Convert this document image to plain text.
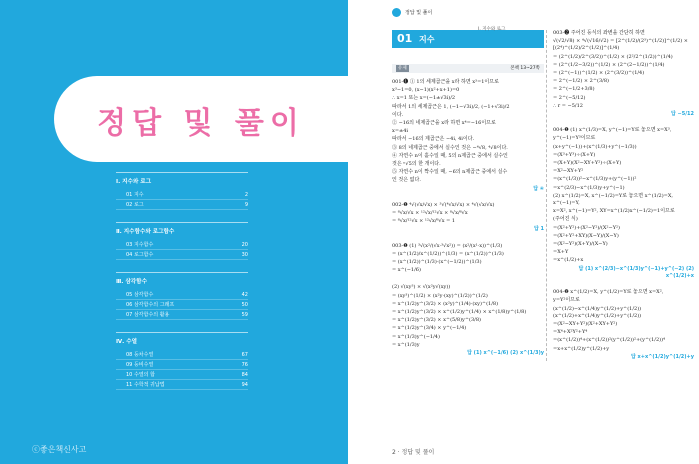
정답 및 풀이
Ⅰ. 지수와 로그
01 지수	2
02 로그	9
Ⅱ. 지수함수와 로그함수
03 지수함수	20
04 로그함수	30
Ⅲ. 삼각함수
05 삼각함수	42
06 삼각함수의 그래프	50
07 삼각함수의 활용	59
Ⅳ. 수열
08 등차수열	67
09 등비수열	76
10 수열의 합	84
11 수학적 귀납법	94
ⓒ좋은책신사고
정답 및 풀이
01 지수
Ⅰ. 지수와 로그
유제	본책 13~27쪽
001-❶ ① 1의 세제곱근을 x라 하면 x³=1이므로
x³−1=0, (x−1)(x²+x+1)=0
∴ x=1 또는 x=(−1±√3i)/2
따라서 1의 세제곱근은 1, (−1−√3i)/2, (−1+√3i)/2
이다.
② −16의 네제곱근을 x라 하면 x⁴=−16이므로
x=±4i
따라서 −16의 제곱근은 −4i, 4i이다.
③ 8의 네제곱근 중에서 실수인 것은 −⁴√8, ⁴√8이다.
④ 자연수 n이 홀수일 때, 5의 n제곱근 중에서 실수인
것은 ⁿ√5의 한 개이다.
⑤ 자연수 n이 짝수일 때, −6의 n제곱근 중에서 실수
인 것은 없다.
답 ④
002-❶ ⁴√(√x/√x) × ³√(⁴√x/√x) × ⁴√(√x/√x)
= ⁸√x/√x × ¹²√x/¹²√x × ⁸√x/⁸√x
= ⁸√x/¹²√x × ¹²√x/⁸√x = 1
답 1
003-❶ (1) ³√(x²/(√x·³√x²)) = (x²/(x¹·x))^(1/3)
= (x^(1/2)/x^(1/2))^(1/3) = (x^(1/2))^(1/3)
= (x^(1/2))^(1/3)·(x^(−1/2))^(1/3)
= x^(−1/6)
(2) √(xy³) × √(x²y√(xy))
= (xy³)^(1/2) × (x²y·(xy)^(1/2))^(1/2)
= x^(1/2)y^(3/2) × (x²y)^(1/4)·(xy)^(1/8)
= x^(1/2)y^(3/2) × x^(1/2)y^(1/4) × x^(1/8)y^(1/8)
= x^(1/2)y^(3/2) × x^(5/8)y^(3/8)
= x^(1/2)y^(3/4) × y^(−1/4)
= x^(1/3)y^(−1/4)
= x^(1/3)y
답 (1) x^(−1/6) (2) x^(1/3)y
003-❷ 주어진 등식의 좌변을 간단히 하면
√(√2/√8) × ⁴√(√16/√2) = [2^(1/2)/(2³)^(1/2)]^(1/2) × [(2⁴)^(1/2)/2^(1/2)]^(1/4)
= (2^(1/2)/2^(3/2))^(1/2) × (2²/2^(1/2))^(1/4)
= (2^(1/2−3/2))^(1/2) × (2^(2−1/2))^(1/4)
= (2^(−1))^(1/2) × (2^(3/2))^(1/4)
= 2^(−1/2) × 2^(3/8)
= 2^(−1/2+3/8)
= 2^(−5/12)
∴ r = −5/12
답 −5/12
004-❶ (1) x^(1/3)=X, y^(−1)=Y로 놓으면 x=X³,
y^(−1)=Y³이므로
(x+y^(−1))+(x^(1/3)+y^(−1/3))
=(X³+Y³)÷(X+Y)
=(X+Y)(X²−XY+Y²)÷(X+Y)
=X²−XY+Y²
=(x^(1/3))²−x^(1/3)y+(y^(−1))²
=x^(2/3)−x^(1/3)y+y^(−1)
(2) x^(1/2)=X, x^(−1/2)=Y로 놓으면 x^(1/2)=X, x^(−1)=Y,
x=X², x^(−1)=Y², XY=x^(1/2)x^(−1/2)=1이므로
(주어진 식)
=(X²+Y²)+(X²−Y²)/(X²−Y²)
=(X²+Y²+XY)(X−Y)/(X−Y)
=(X²−Y²)(X+Y)/(X−Y)
=X+Y
=x^(1/2)+x
답 (1) x^(2/3)−x^(1/3)y^(−1)+y^(−2) (2) x^(1/2)+x
004-❷ x^(1/2)=X, y^(1/2)=Y로 놓으면 x=X²,
y=Y²이므로
(x^(1/2)−x^(1/4)y^(1/2)+y^(1/2))(x^(1/2)+x^(1/4)y^(1/2)+y^(1/2))
=(X²−XY+Y²)(X²+XY+Y²)
=X⁴+X²Y²+Y⁴
=(x^(1/2))⁴+(x^(1/2))²(y^(1/2))²+(y^(1/2))⁴
=x+x^(1/2)y^(1/2)+y
답 x+x^(1/2)y^(1/2)+y
2 · 정답 및 풀이
